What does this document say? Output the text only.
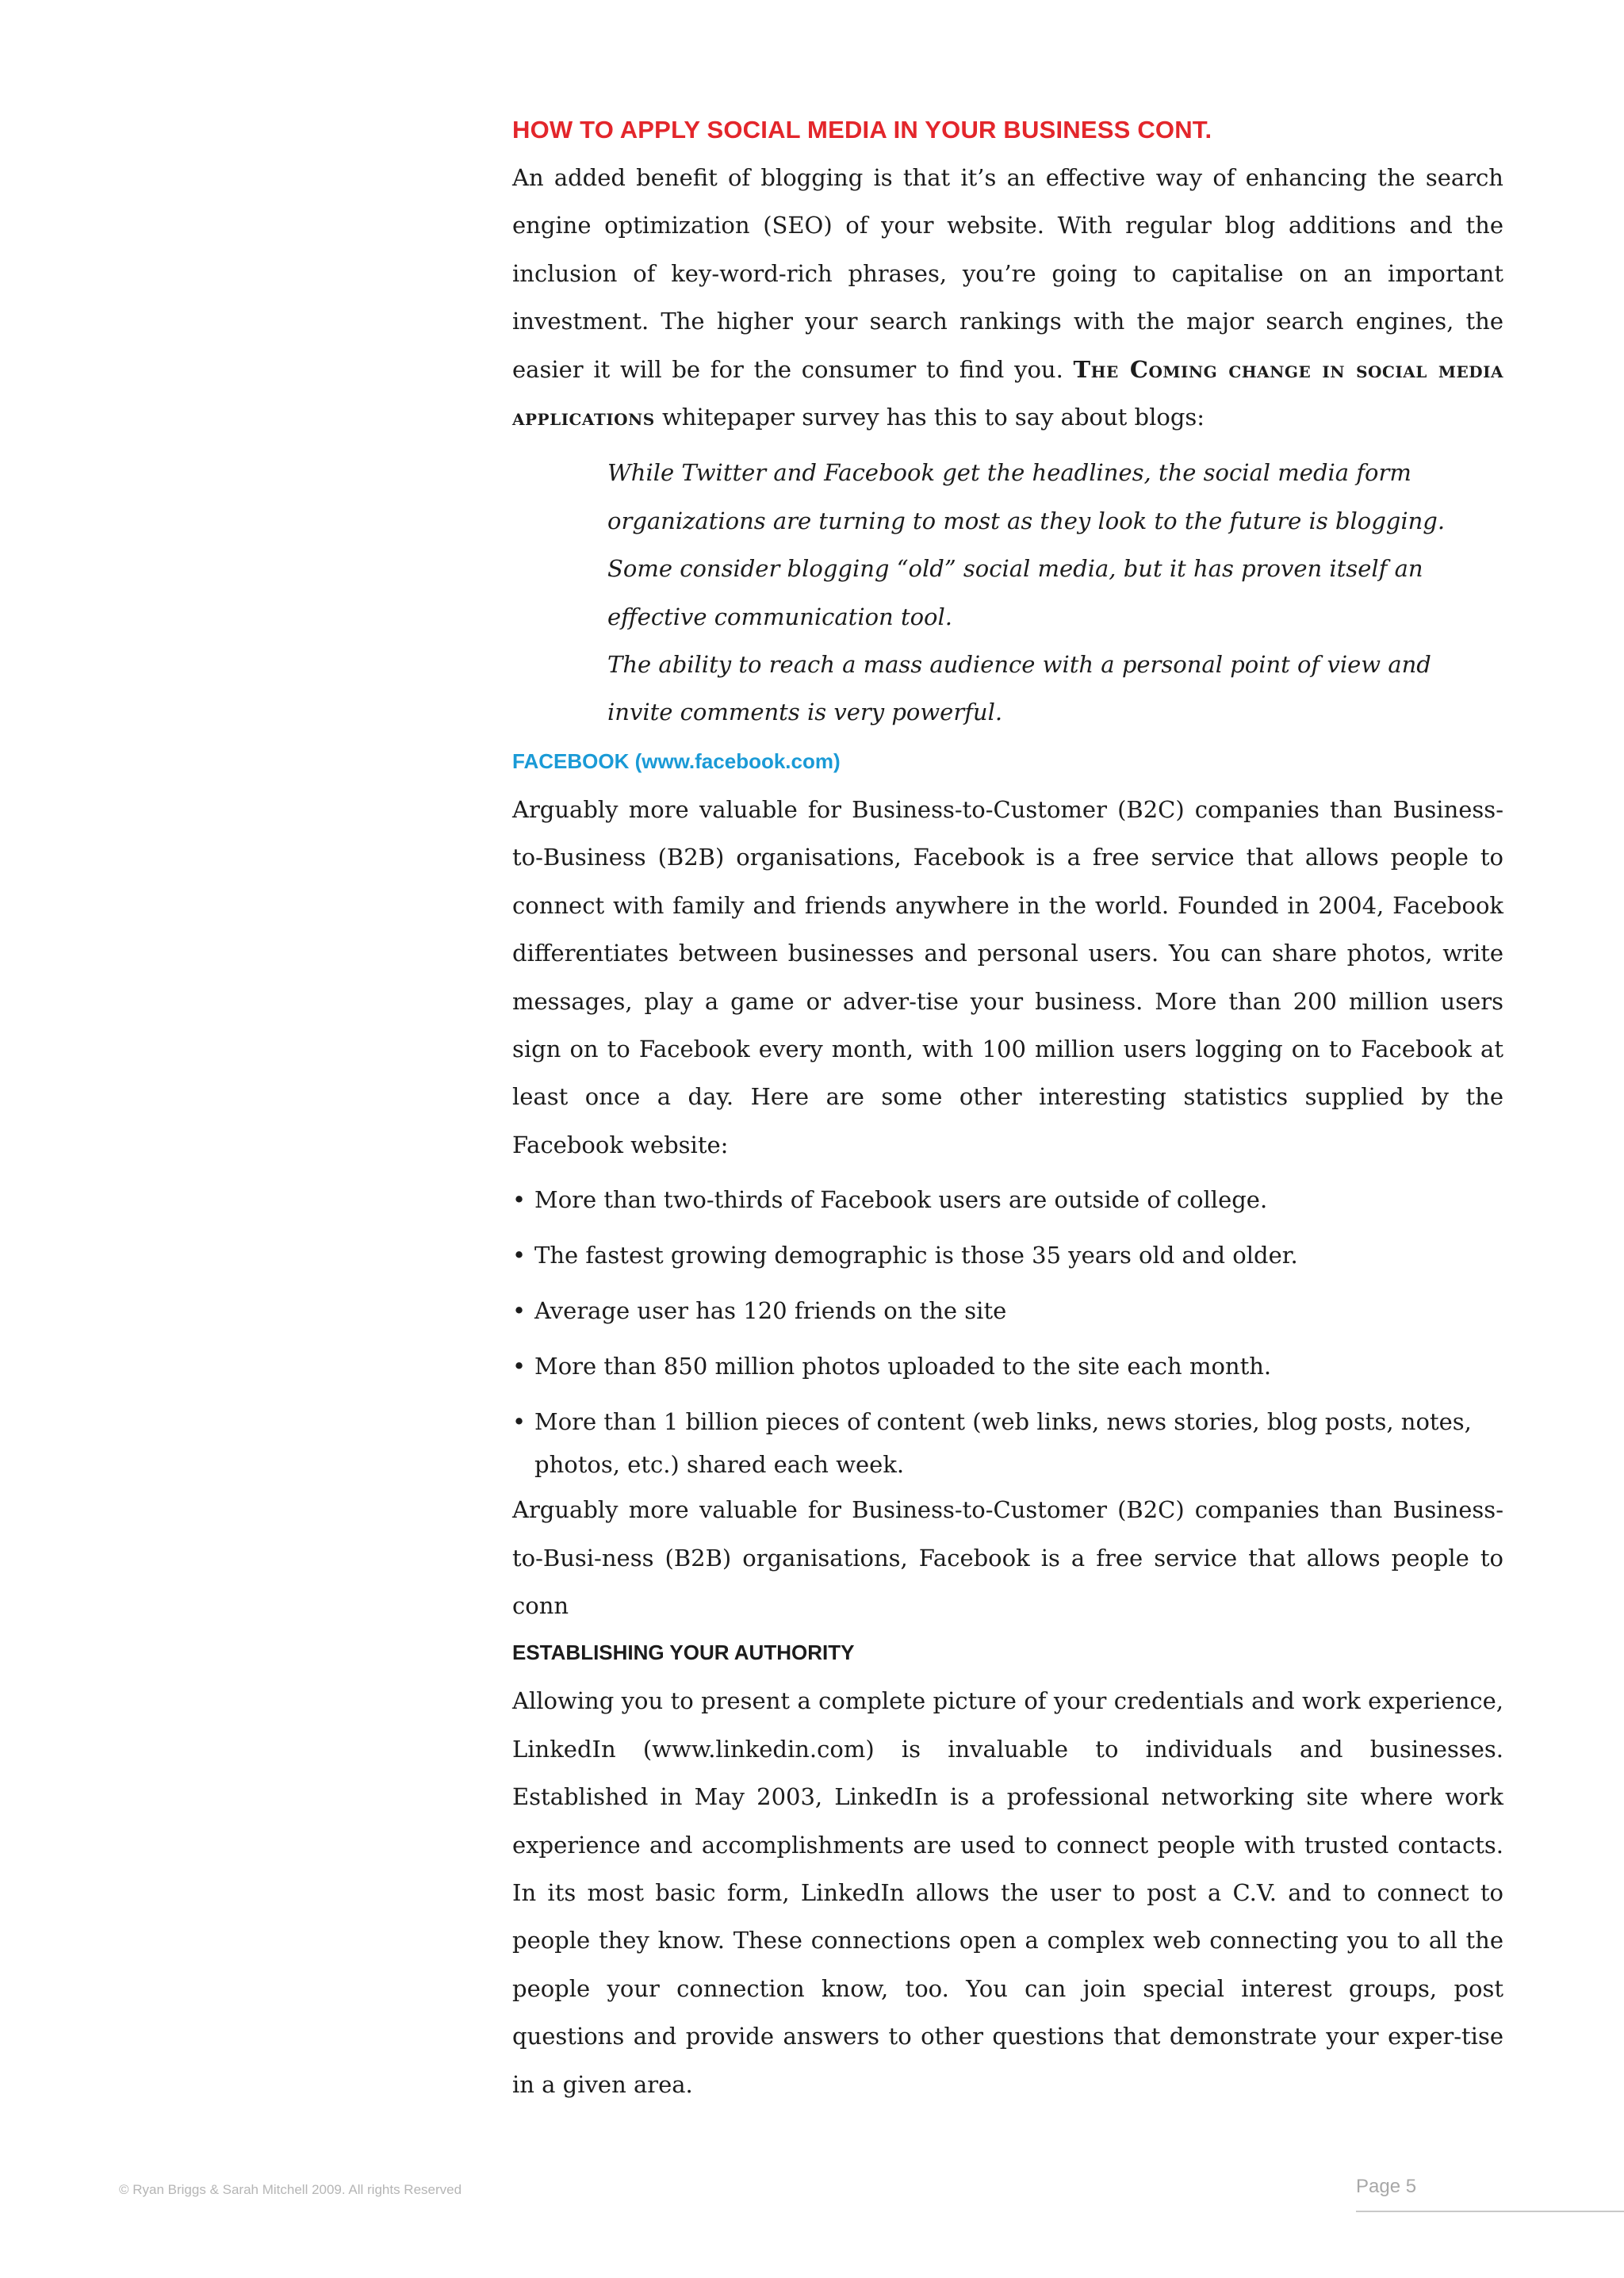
HOW TO APPLY SOCIAL MEDIA IN YOUR BUSINESS CONT.

An added benefit of blogging is that it’s an effective way of enhancing the search engine optimization (SEO) of your website. With regular blog additions and the inclusion of key-word-rich phrases, you’re going to capitalise on an important investment. The higher your search rankings with the major search engines, the easier it will be for the consumer to find you. The Coming change in social media applications whitepaper survey has this to say about blogs:

While Twitter and Facebook get the headlines, the social media form organizations are turning to most as they look to the future is blogging. Some consider blogging “old” social media, but it has proven itself an effective communication tool.

The ability to reach a mass audience with a personal point of view and invite comments is very powerful.

FACEBOOK (www.facebook.com)

Arguably more valuable for Business-to-Customer (B2C) companies than Business-to-Business (B2B) organisations, Facebook is a free service that allows people to connect with family and friends anywhere in the world. Founded in 2004, Facebook differentiates between businesses and personal users. You can share photos, write messages, play a game or adver-tise your business. More than 200 million users sign on to Facebook every month, with 100 million users logging on to Facebook at least once a day. Here are some other interesting statistics supplied by the Facebook website:

• More than two-thirds of Facebook users are outside of college.
• The fastest growing demographic is those 35 years old and older.
• Average user has 120 friends on the site
• More than 850 million photos uploaded to the site each month.
• More than 1 billion pieces of content (web links, news stories, blog posts, notes, photos, etc.) shared each week.

Arguably more valuable for Business-to-Customer (B2C) companies than Business-to-Busi-ness (B2B) organisations, Facebook is a free service that allows people to conn

ESTABLISHING YOUR AUTHORITY

Allowing you to present a complete picture of your credentials and work experience, LinkedIn (www.linkedin.com) is invaluable to individuals and businesses. Established in May 2003, LinkedIn is a professional networking site where work experience and accomplishments are used to connect people with trusted contacts. In its most basic form, LinkedIn allows the user to post a C.V. and to connect to people they know. These connections open a complex web connecting you to all the people your connection know, too. You can join special interest groups, post questions and provide answers to other questions that demonstrate your exper-tise in a given area.

© Ryan Briggs & Sarah Mitchell 2009. All rights Reserved	Page 5
